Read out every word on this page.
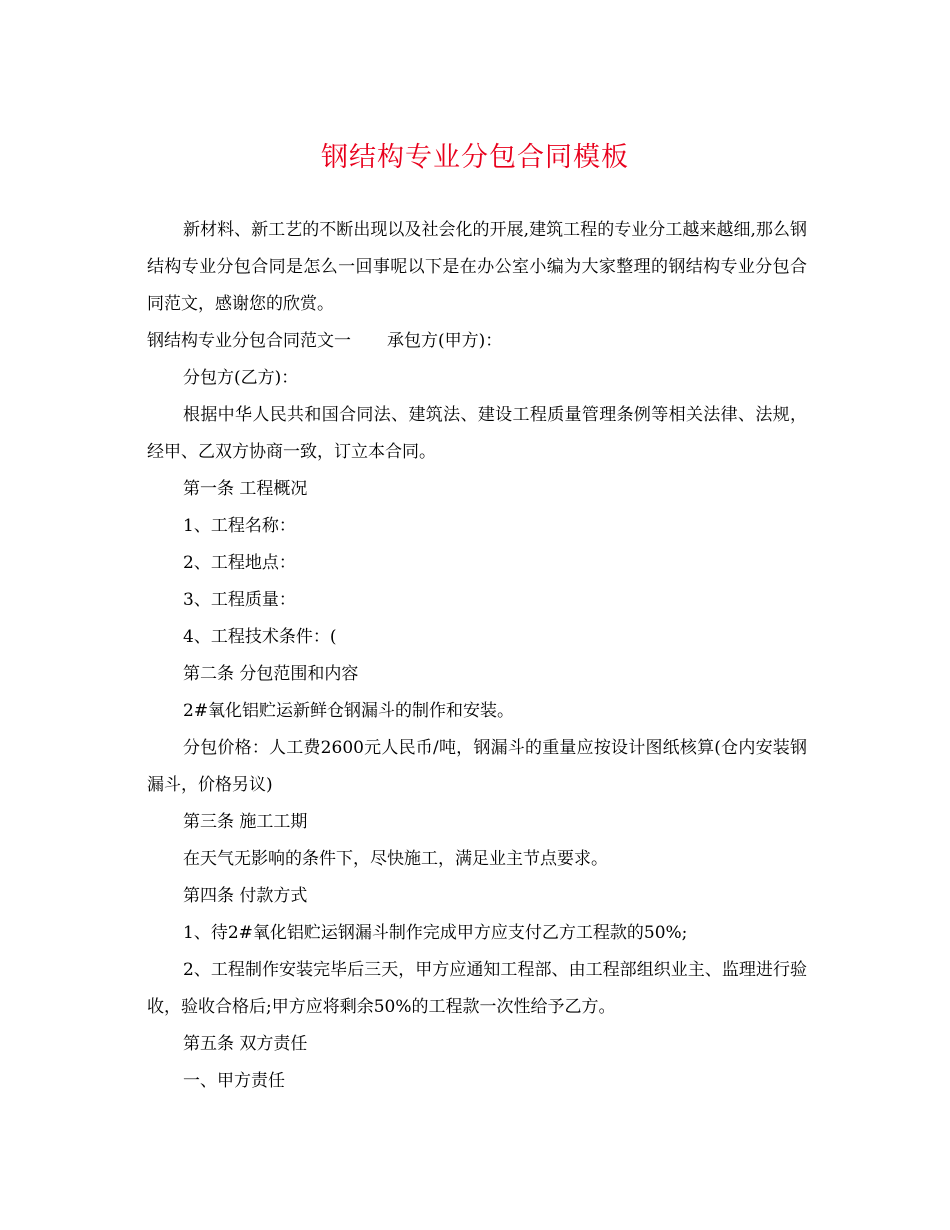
钢结构专业分包合同模板

新材料、新工艺的不断出现以及社会化的开展,建筑工程的专业分工越来越细,那么钢结构专业分包合同是怎么一回事呢以下是在办公室小编为大家整理的钢结构专业分包合同范文，感谢您的欣赏。

钢结构专业分包合同范文一 承包方(甲方)：

分包方(乙方)：

根据中华人民共和国合同法、建筑法、建设工程质量管理条例等相关法律、法规，经甲、乙双方协商一致，订立本合同。

第一条 工程概况

1、工程名称：

2、工程地点：

3、工程质量：

4、工程技术条件：(

第二条 分包范围和内容

2#氧化铝贮运新鲜仓钢漏斗的制作和安装。

分包价格：人工费2600元人民币/吨，钢漏斗的重量应按设计图纸核算(仓内安装钢漏斗，价格另议)

第三条 施工工期

在天气无影响的条件下，尽快施工，满足业主节点要求。

第四条 付款方式

1、待2#氧化铝贮运钢漏斗制作完成甲方应支付乙方工程款的50%;

2、工程制作安装完毕后三天，甲方应通知工程部、由工程部组织业主、监理进行验收，验收合格后;甲方应将剩余50%的工程款一次性给予乙方。

第五条 双方责任

一、甲方责任
